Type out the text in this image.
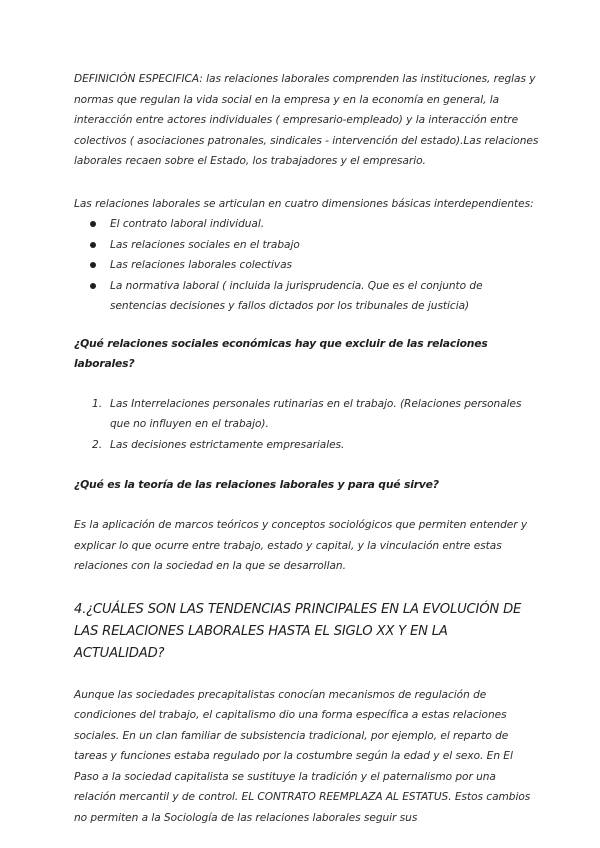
DEFINICIÓN ESPECIFICA: las relaciones laborales comprenden las instituciones, reglas y normas que regulan la vida social en la empresa y en la economía en general, la interacción entre actores individuales ( empresario-empleado) y la interacción entre colectivos ( asociaciones patronales, sindicales - intervención del estado).Las relaciones laborales recaen sobre el Estado, los trabajadores y el empresario.

Las relaciones laborales se articulan en cuatro dimensiones básicas interdependientes:

El contrato laboral individual.
Las relaciones sociales en el trabajo
Las relaciones laborales colectivas
La normativa laboral ( incluida la jurisprudencia. Que es el conjunto de sentencias decisiones y fallos dictados por los tribunales de justicia)
¿Qué relaciones sociales económicas hay que excluir de las relaciones laborales?
1. Las Interrelaciones personales rutinarias en el trabajo. (Relaciones personales que no influyen en el trabajo).
2. Las decisiones estrictamente empresariales.
¿Qué es la teoría de las relaciones laborales y para qué sirve?

Es la aplicación de marcos teóricos y conceptos sociológicos que permiten entender y explicar lo que ocurre entre trabajo, estado y capital, y la vinculación entre estas relaciones con la sociedad en la que se desarrollan.

4.¿CUÁLES SON LAS TENDENCIAS PRINCIPALES EN LA EVOLUCIÓN DE LAS RELACIONES LABORALES HASTA EL SIGLO XX Y EN LA ACTUALIDAD?

Aunque las sociedades precapitalistas conocían mecanismos de regulación de condiciones del trabajo, el capitalismo dio una forma específica a estas relaciones sociales. En un clan familiar de subsistencia tradicional, por ejemplo, el reparto de tareas y funciones estaba regulado por la costumbre según la edad y el sexo. En El Paso a la sociedad capitalista se sustituye la tradición y el paternalismo por una relación mercantil y de control. EL CONTRATO REEMPLAZA AL ESTATUS. Estos cambios no permiten a la Sociología de las relaciones laborales seguir sus
